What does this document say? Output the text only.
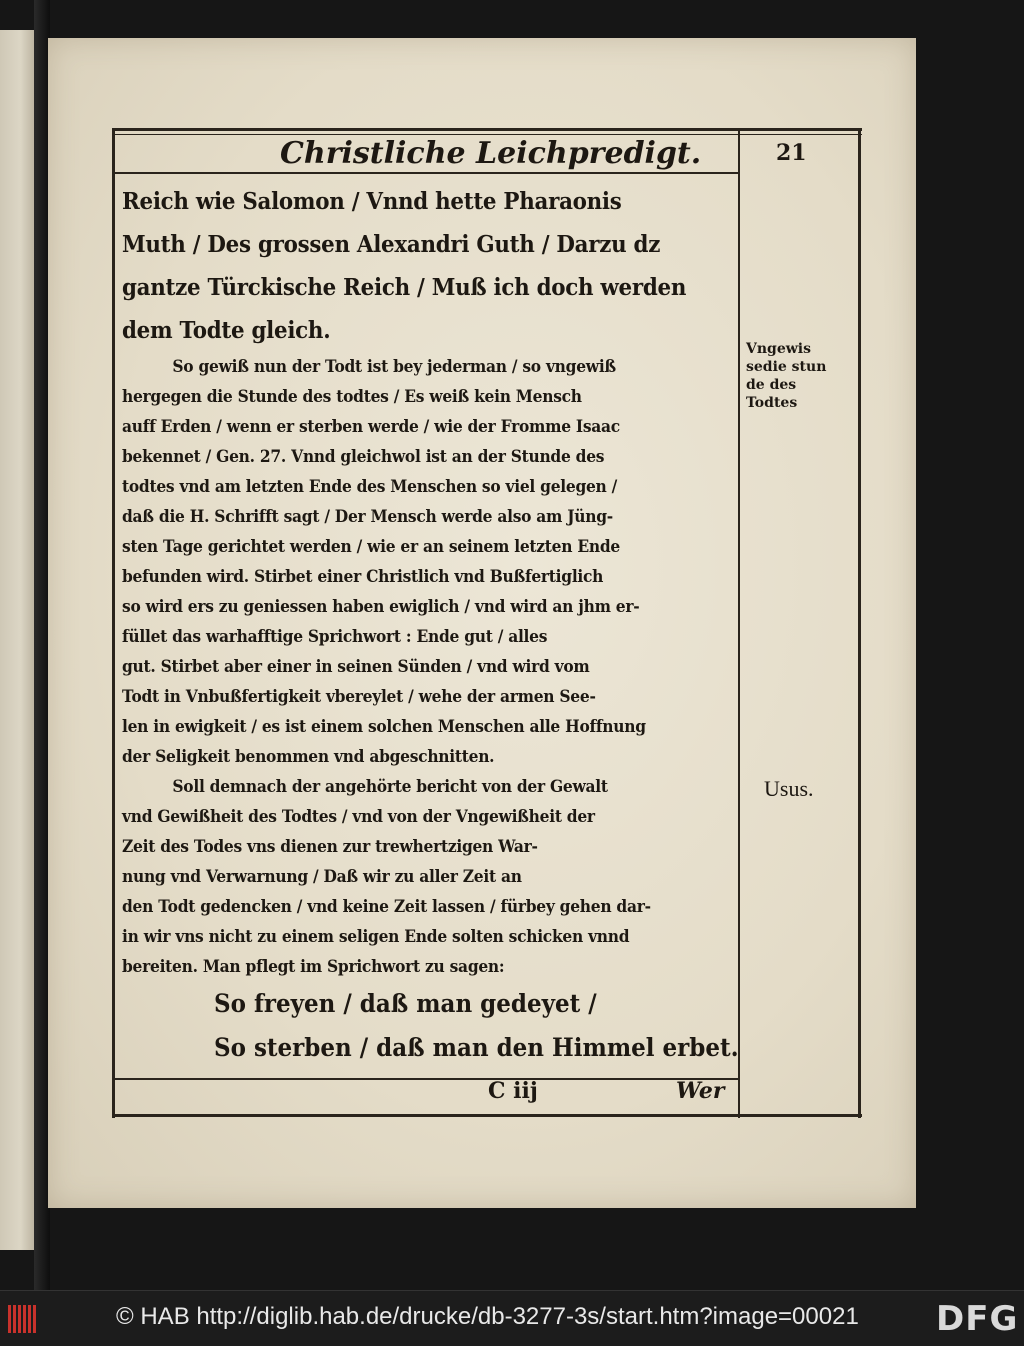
Christliche Leichpredigt.	21
Reich wie Salomon / Vnnd hette Pharaonis
Muth / Des grossen Alexandri Guth / Darzu dz
gantze Türckische Reich / Muß ich doch werden
dem Todte gleich.
So gewiß nun der Todt ist bey jederman / so vngewiß
hergegen die Stunde des todtes / Es weiß kein Mensch
auff Erden / wenn er sterben werde / wie der Fromme Isaac
bekennet / Gen. 27. Vnnd gleichwol ist an der Stunde des
todtes vnd am letzten Ende des Menschen so viel gelegen /
daß die H. Schrifft sagt / Der Mensch werde also am Jüng-
sten Tage gerichtet werden / wie er an seinem letzten Ende
befunden wird. Stirbet einer Christlich vnd Bußfertiglich
so wird ers zu geniessen haben ewiglich / vnd wird an jhm er-
füllet das warhafftige Sprichwort : Ende gut / alles
gut. Stirbet aber einer in seinen Sünden / vnd wird vom
Todt in Vnbußfertigkeit vbereylet / wehe der armen See-
len in ewigkeit / es ist einem solchen Menschen alle Hoffnung
der Seligkeit benommen vnd abgeschnitten.
Soll demnach der angehörte bericht von der Gewalt
vnd Gewißheit des Todtes / vnd von der Vngewißheit der
Zeit des Todes vns dienen zur trewhertzigen War-
nung vnd Verwarnung / Daß wir zu aller Zeit an
den Todt gedencken / vnd keine Zeit lassen / fürbey gehen dar-
in wir vns nicht zu einem seligen Ende solten schicken vnnd
bereiten. Man pflegt im Sprichwort zu sagen:
So freyen / daß man gedeyet /
So sterben / daß man den Himmel erbet.
C iij	Wer
Vngewis
sedie stun
de des
Todtes
Usus.
© HAB http://diglib.hab.de/drucke/db-3277-3s/start.htm?image=00021 DFG
